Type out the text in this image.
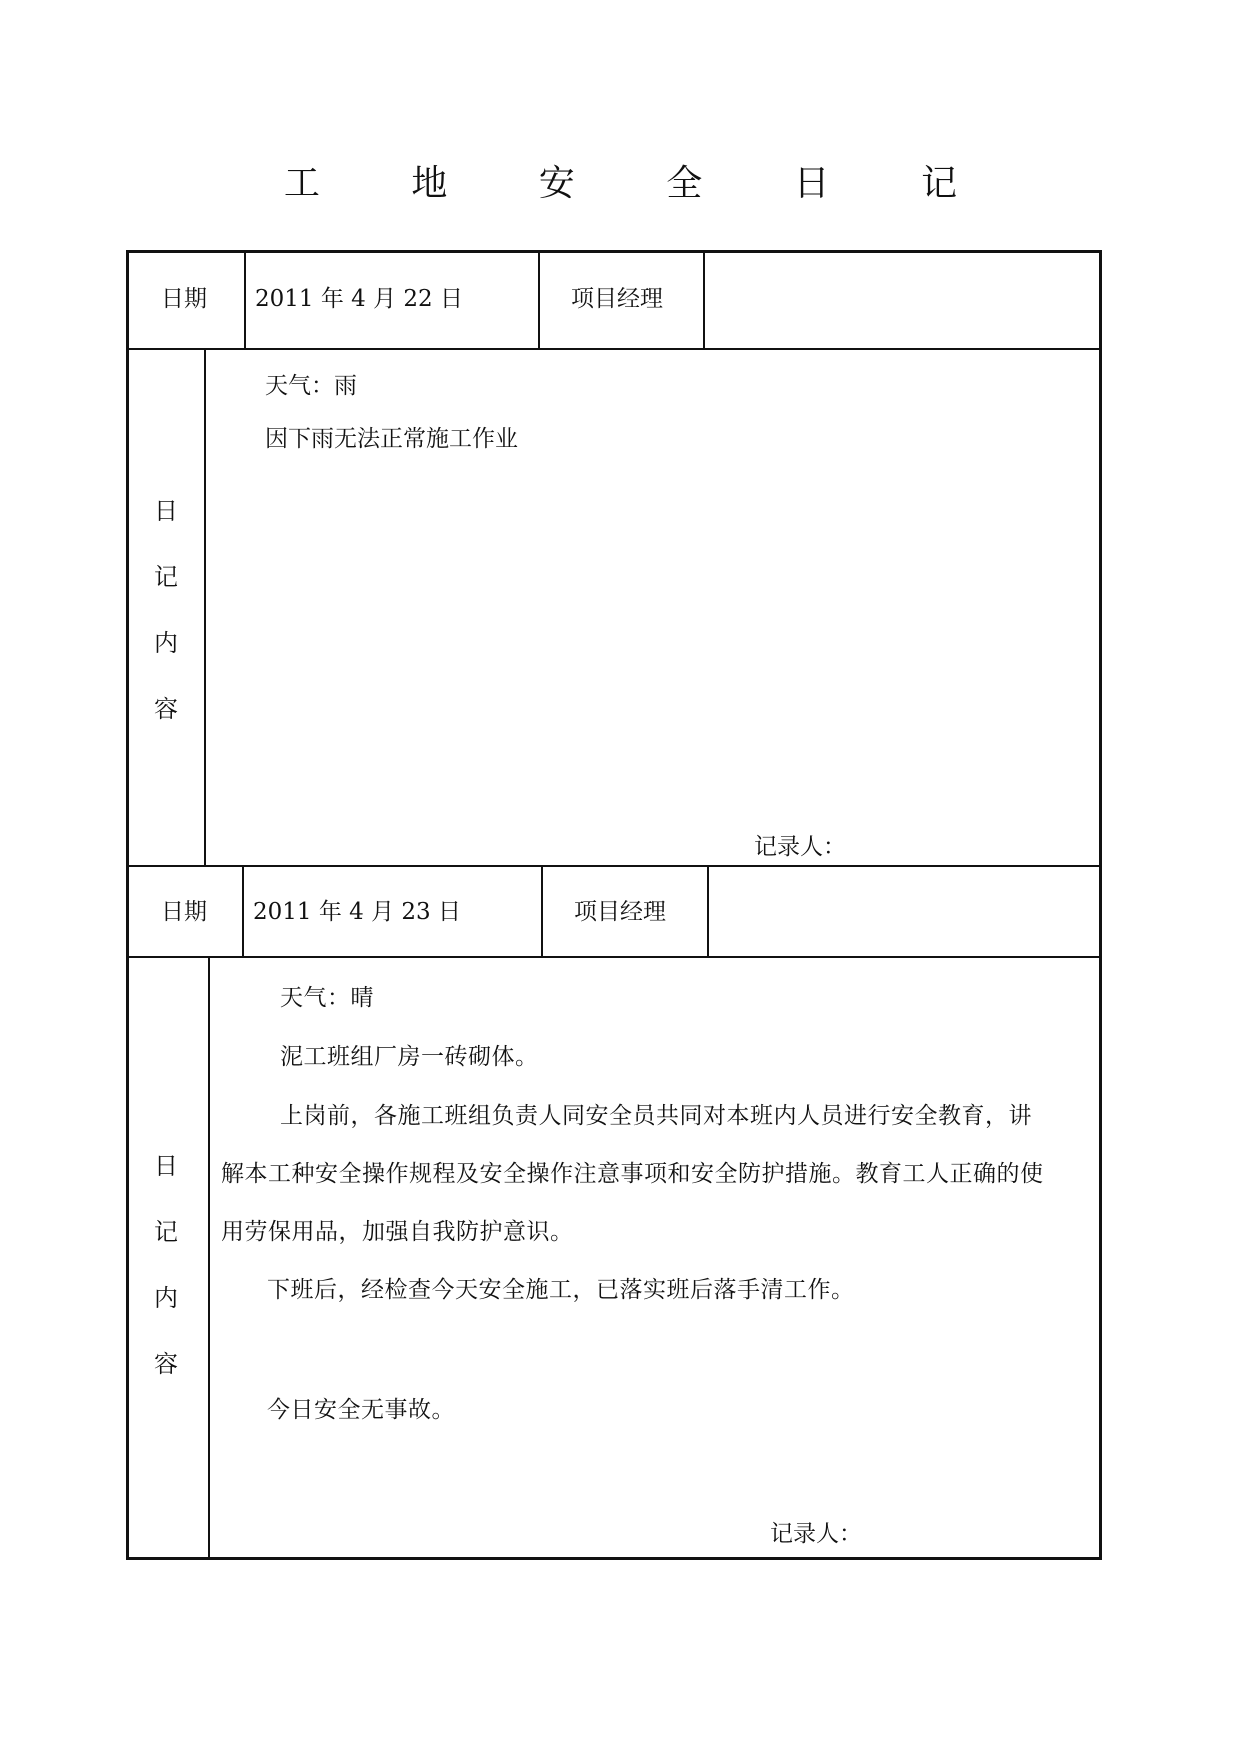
工 地 安 全 日 记
日期 2011 年 4 月 22 日	项目经理
日
记
内
容
天气：雨
因下雨无法正常施工作业
记录人：
日期 2011 年 4 月 23 日	项目经理
日
记
内
容
天气：晴
泥工班组厂房一砖砌体。
上岗前，各施工班组负责人同安全员共同对本班内人员进行安全教育，讲
解本工种安全操作规程及安全操作注意事项和安全防护措施。教育工人正确的使
用劳保用品，加强自我防护意识。
下班后，经检查今天安全施工，已落实班后落手清工作。
今日安全无事故。
记录人：
